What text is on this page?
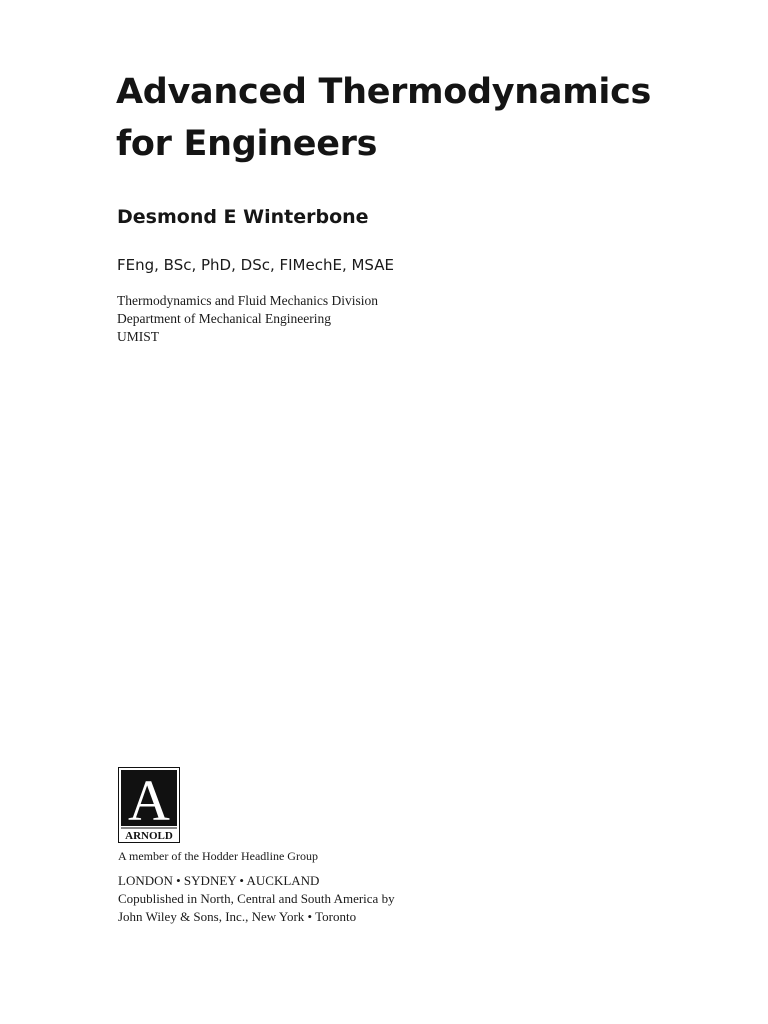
Advanced Thermodynamics
for Engineers
Desmond E Winterbone
FEng, BSc, PhD, DSc, FIMechE, MSAE
Thermodynamics and Fluid Mechanics Division
Department of Mechanical Engineering
UMIST
A
ARNOLD
A member of the Hodder Headline Group
LONDON • SYDNEY • AUCKLAND
Copublished in North, Central and South America by
John Wiley & Sons, Inc., New York • Toronto
